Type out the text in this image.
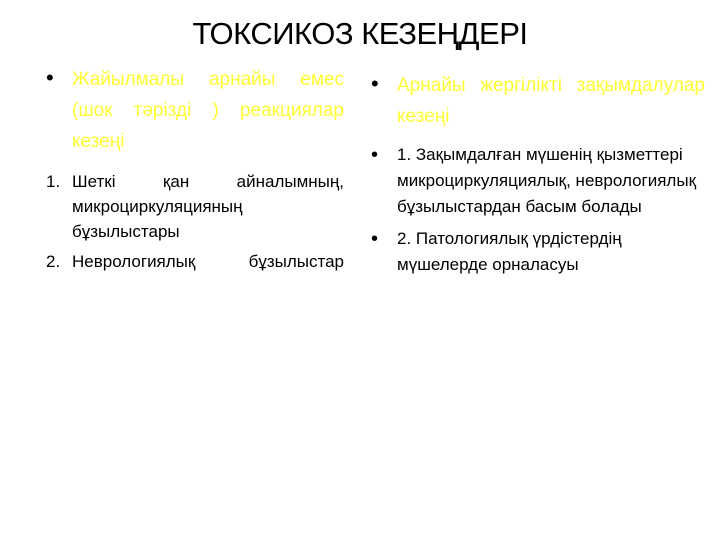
ТОКСИКОЗ КЕЗЕҢДЕРІ
• Жайылмалы арнайы емес (шок тәрізді ) реакциялар кезеңі
1. Шеткі қан айналымның, микроциркуляцияның бұзылыстары
2. Неврологиялық бұзылыстар
• Арнайы жергілікті зақымдалулар кезеңі
• 1. Зақымдалған мүшенің қызметтері микроциркуляциялық, неврологиялық бұзылыстардан басым болады
• 2. Патологиялық үрдістердің мүшелерде орналасуы
